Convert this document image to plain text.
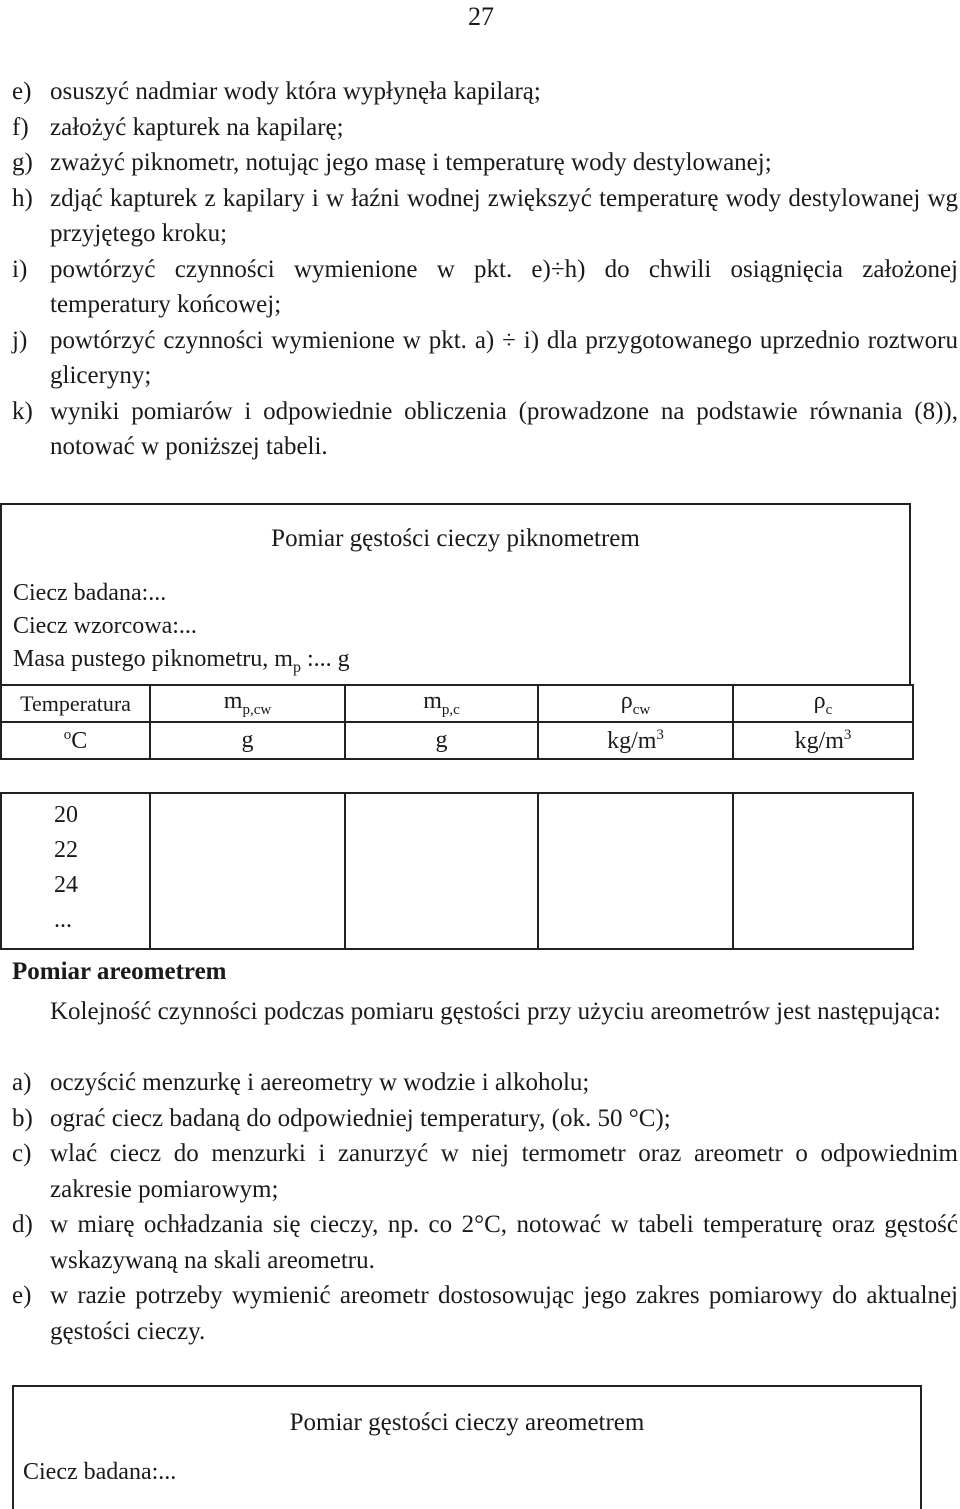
27
e) osuszyć nadmiar wody która wypłynęła kapilarą;
f) założyć kapturek na kapilarę;
g) zważyć piknometr, notując jego masę i temperaturę wody destylowanej;
h) zdjąć kapturek z kapilary i w łaźni wodnej zwiększyć temperaturę wody destylowanej wg przyjętego kroku;
i) powtórzyć czynności wymienione w pkt. e)÷h) do chwili osiągnięcia założonej temperatury końcowej;
j) powtórzyć czynności wymienione w pkt. a) ÷ i) dla przygotowanego uprzednio roztworu gliceryny;
k) wyniki pomiarów i odpowiednie obliczenia (prowadzone na podstawie równania (8)), notować w poniższej tabeli.
Pomiar gęstości cieczy piknometrem
Ciecz badana:...
Ciecz wzorcowa:...
Masa pustego piknometru, $m_p$ :... g
Temperatura	$m_{p,cw}$	$m_{p,c}$	$\rho_{cw}$	$\rho_c$
$^o$C	g	g	$kg/m^3$	$kg/m^3$

20
22
24
...				

Pomiar areometrem
Kolejność czynności podczas pomiaru gęstości przy użyciu areometrów jest następująca:
a) oczyścić menzurkę i aereometry w wodzie i alkoholu;
b) ograć ciecz badaną do odpowiedniej temperatury, (ok. 50 °C);
c) wlać ciecz do menzurki i zanurzyć w niej termometr oraz areometr o odpowiednim zakresie pomiarowym;
d) w miarę ochładzania się cieczy, np. co 2°C, notować w tabeli temperaturę oraz gęstość wskazywaną na skali areometru.
e) w razie potrzeby wymienić areometr dostosowując jego zakres pomiarowy do aktualnej gęstości cieczy.
Pomiar gęstości cieczy areometrem
Ciecz badana:...
